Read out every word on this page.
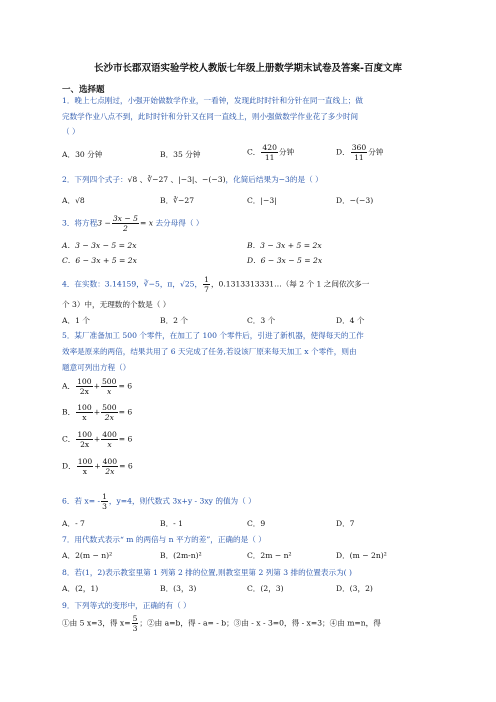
长沙市长郡双语实验学校人教版七年级上册数学期末试卷及答案-百度文库
一、选择题
1．晚上七点刚过，小强开始做数学作业，一看钟，发现此时时针和分针在同一直线上；做
完数学作业八点不到，此时时针和分针又在同一直线上，则小强做数学作业花了多少时间
（ ）
A．30 分钟	B．35 分钟	C． $\frac{420}{11}$ 分钟	D． $\frac{360}{11}$ 分钟
2．下列四个式子：√8 、∛−27 、|−3|、−(−3)，化简后结果为−3的是（ ）
A．√8	B．∛−27	C．|−3|	D．−(−3)
3．将方程$3 - \frac{3x - 5}{2} = x$ 去分母得（ ）
A．3 − 3x − 5 = 2x	B．3 − 3x + 5 = 2x
C．6 − 3x + 5 = 2x	D．6 − 3x − 5 = 2x
4．在实数：3.14159，∛−5，π，√25， $\frac{1}{7}$ ，0.1313313331…（每 2 个 1 之间依次多一
个 3）中，无理数的个数是（ ）
A．1 个	B．2 个	C．3 个	D．4 个
5．某厂准备加工 500 个零件，在加工了 100 个零件后，引进了新机器，使得每天的工作
效率是原来的两倍，结果共用了 6 天完成了任务,若设该厂原来每天加工 x 个零件，则由
题意可列出方程（）
A． $\frac{100}{2x} + \frac{500}{x} = 6$
B． $\frac{100}{x} + \frac{500}{2x} = 6$
C． $\frac{100}{2x} + \frac{400}{x} = 6$
D． $\frac{100}{x} + \frac{400}{2x} = 6$
6．若 $x= - \frac{1}{3}$ ，y=4，则代数式 3x+y - 3xy 的值为（ ）
A．- 7	B．- 1	C．9	D．7
7．用代数式表示“ m 的两倍与 n 平方的差”，正确的是（ ）
A．2(m − n)²	B．(2m-n)²	C．2m − n²	D．(m − 2n)²
8．若(1，2)表示教室里第 1 列第 2 排的位置,则教室里第 2 列第 3 排的位置表示为( )
A．(2，1)	B．(3，3)	C．(2，3)	D．(3，2)
9．下列等式的变形中，正确的有（ ）
①由 5 x=3，得 $x= \frac{5}{3}$ ；②由 a=b，得 - a= - b；③由 - x - 3=0，得 - x=3；④由 m=n，得
